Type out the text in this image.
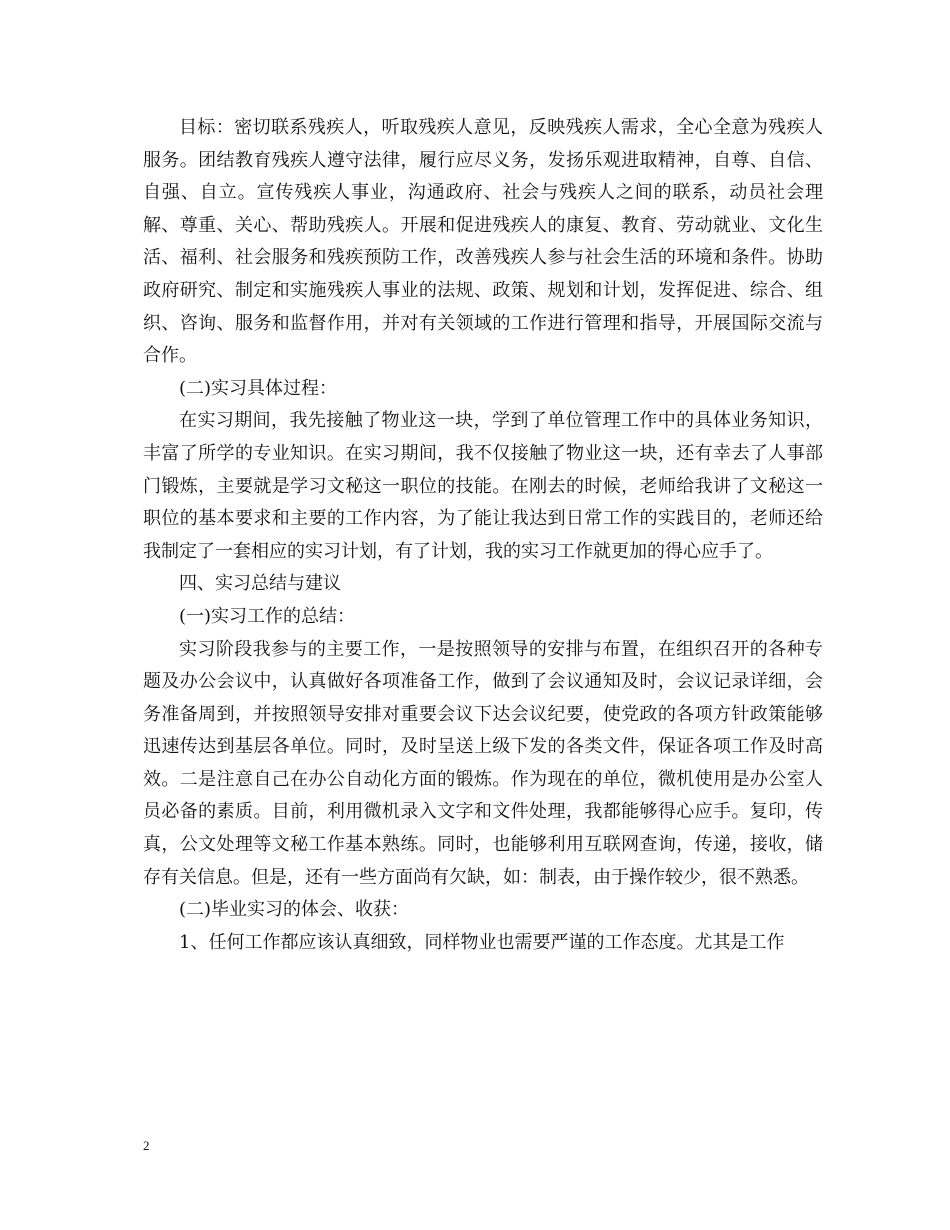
目标：密切联系残疾人，听取残疾人意见，反映残疾人需求，全心全意为残疾人服务。团结教育残疾人遵守法律，履行应尽义务，发扬乐观进取精神，自尊、自信、自强、自立。宣传残疾人事业，沟通政府、社会与残疾人之间的联系，动员社会理解、尊重、关心、帮助残疾人。开展和促进残疾人的康复、教育、劳动就业、文化生活、福利、社会服务和残疾预防工作，改善残疾人参与社会生活的环境和条件。协助政府研究、制定和实施残疾人事业的法规、政策、规划和计划，发挥促进、综合、组织、咨询、服务和监督作用，并对有关领域的工作进行管理和指导，开展国际交流与合作。

(二)实习具体过程：

在实习期间，我先接触了物业这一块，学到了单位管理工作中的具体业务知识，丰富了所学的专业知识。在实习期间，我不仅接触了物业这一块，还有幸去了人事部门锻炼，主要就是学习文秘这一职位的技能。在刚去的时候，老师给我讲了文秘这一职位的基本要求和主要的工作内容，为了能让我达到日常工作的实践目的，老师还给我制定了一套相应的实习计划，有了计划，我的实习工作就更加的得心应手了。

四、实习总结与建议

(一)实习工作的总结：

实习阶段我参与的主要工作，一是按照领导的安排与布置，在组织召开的各种专题及办公会议中，认真做好各项准备工作，做到了会议通知及时，会议记录详细，会务准备周到，并按照领导安排对重要会议下达会议纪要，使党政的各项方针政策能够迅速传达到基层各单位。同时，及时呈送上级下发的各类文件，保证各项工作及时高效。二是注意自己在办公自动化方面的锻炼。作为现在的单位，微机使用是办公室人员必备的素质。目前，利用微机录入文字和文件处理，我都能够得心应手。复印，传真，公文处理等文秘工作基本熟练。同时，也能够利用互联网查询，传递，接收，储存有关信息。但是，还有一些方面尚有欠缺，如：制表，由于操作较少，很不熟悉。

(二)毕业实习的体会、收获：

1、任何工作都应该认真细致，同样物业也需要严谨的工作态度。尤其是工作

2
